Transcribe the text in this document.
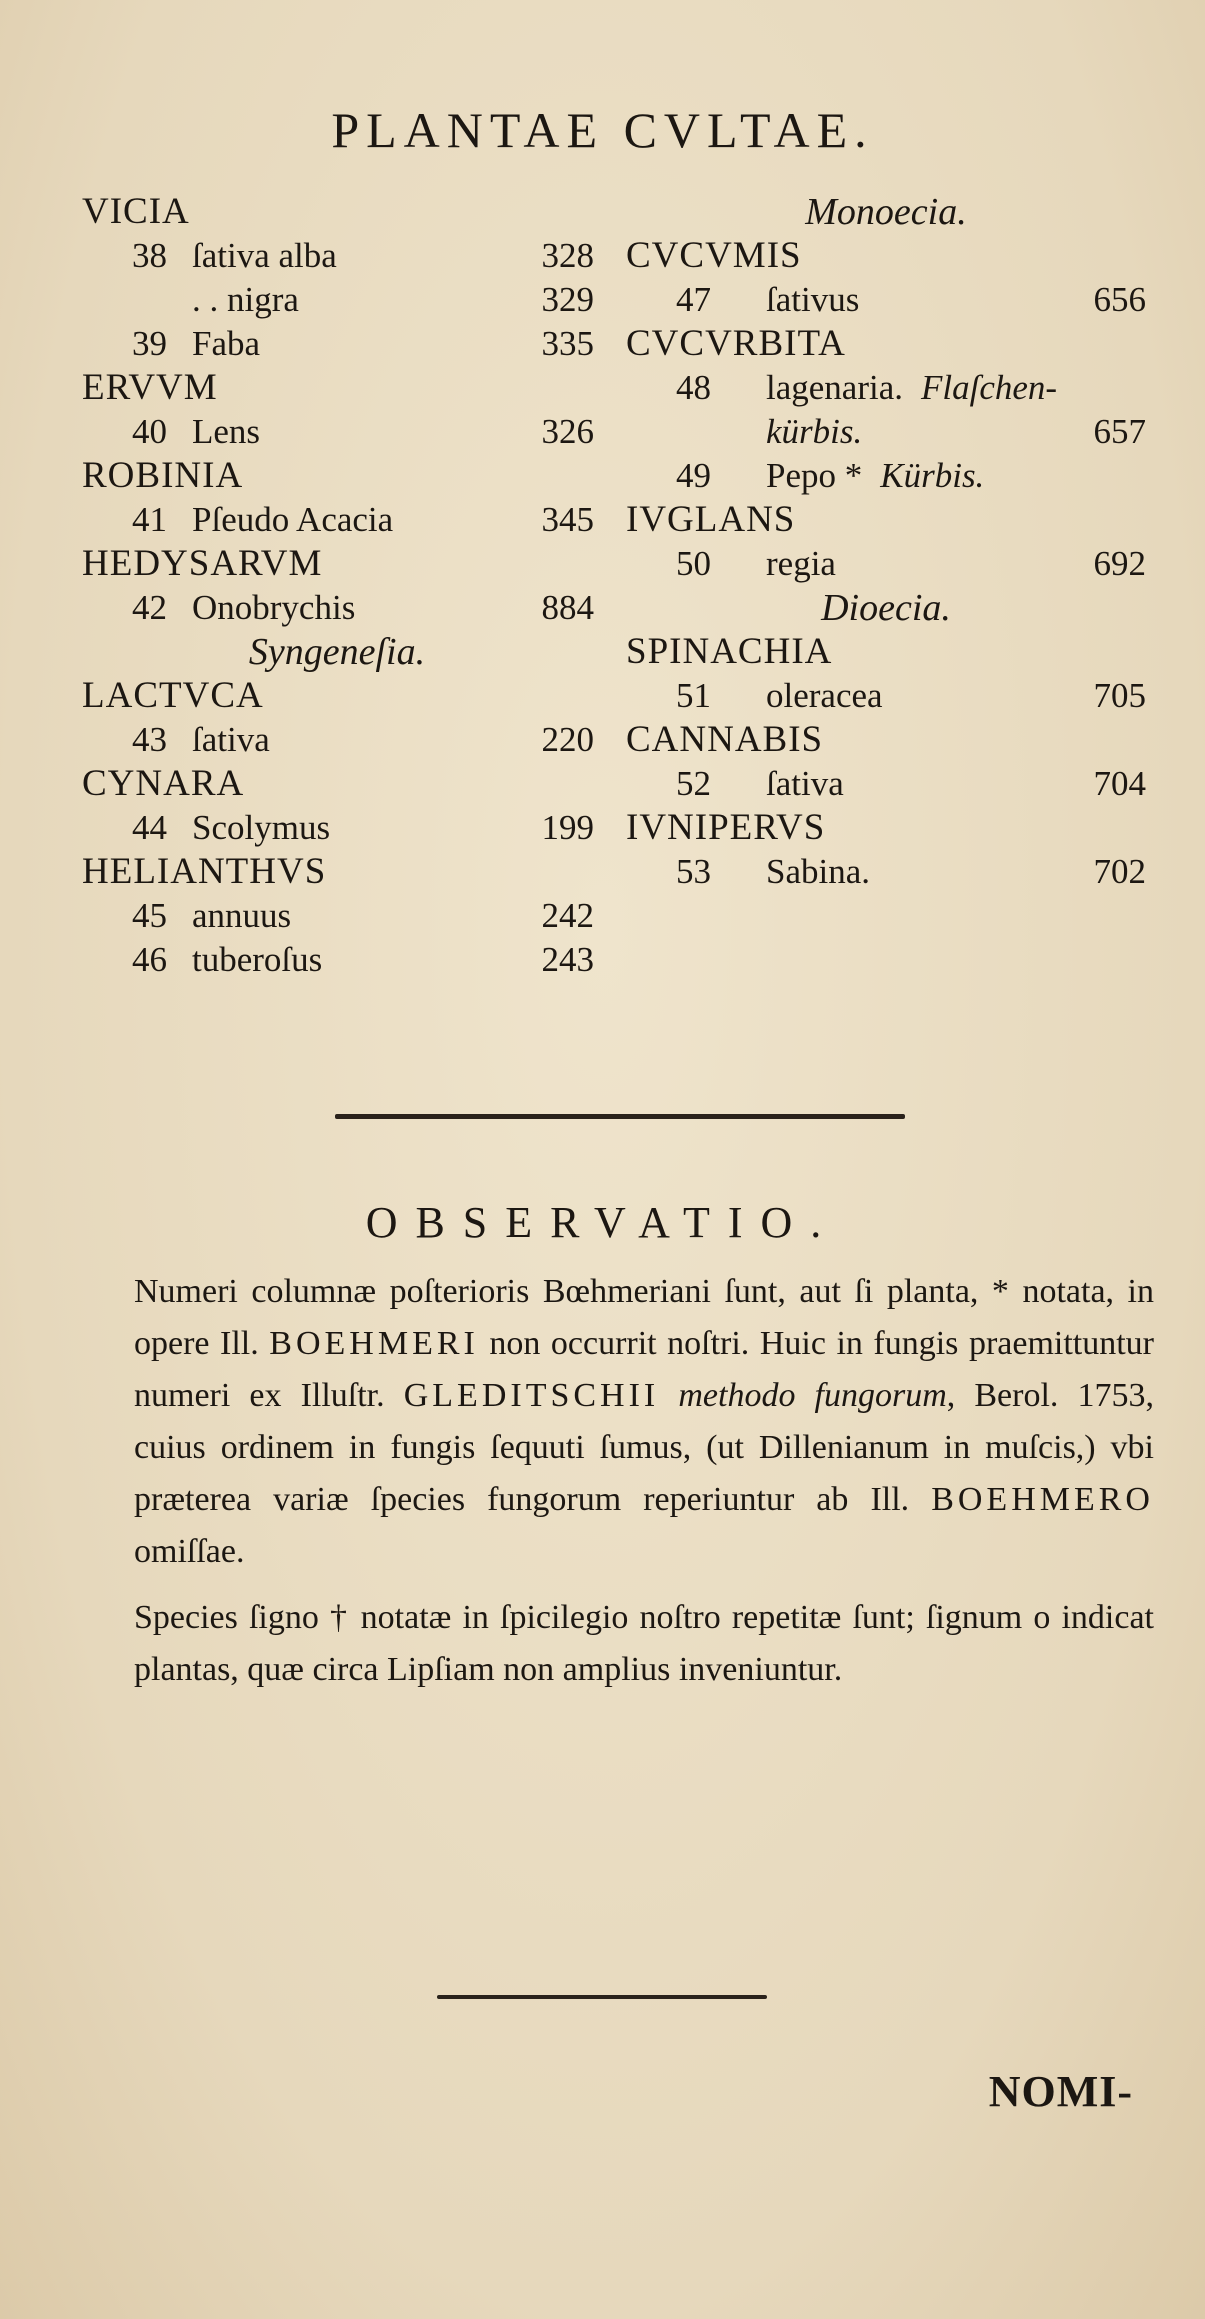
PLANTAE CVLTAE.
VICIA
38 ſativa alba	328
. . nigra	329
39 Faba	335
ERVVM
40 Lens	326
ROBINIA
41 Pſeudo Acacia	345
HEDYSARVM
42 Onobrychis	884
Syngeneſia.
LACTVCA
43 ſativa	220
CYNARA
44 Scolymus	199
HELIANTHVS
45 annuus	242
46 tuberoſus	243
Monoecia.
CVCVMIS
47 ſativus	656
CVCVRBITA
48 lagenaria. Flaſchen-
kürbis.	657
49 Pepo * Kürbis.
IVGLANS
50 regia	692
Dioecia.
SPINACHIA
51 oleracea	705
CANNABIS
52 ſativa	704
IVNIPERVS
53 Sabina.	702
OBSERVATIO.

Numeri columnæ poſterioris Bœhmeriani ſunt, aut ſi planta, * notata, in opere Ill. BOEHMERI non occurrit noſtri. Huic in fungis praemittuntur numeri ex Illuſtr. GLEDITSCHII methodo fungorum, Berol. 1753, cuius ordinem in fungis ſequuti ſumus, (ut Dillenianum in muſcis,) vbi præterea variæ ſpecies fungorum reperiuntur ab Ill. BOEHMERO omiſſae.

Species ſigno † notatæ in ſpicilegio noſtro repetitæ ſunt; ſignum o indicat plantas, quæ circa Lipſiam non amplius inveniuntur.

NOMI-
